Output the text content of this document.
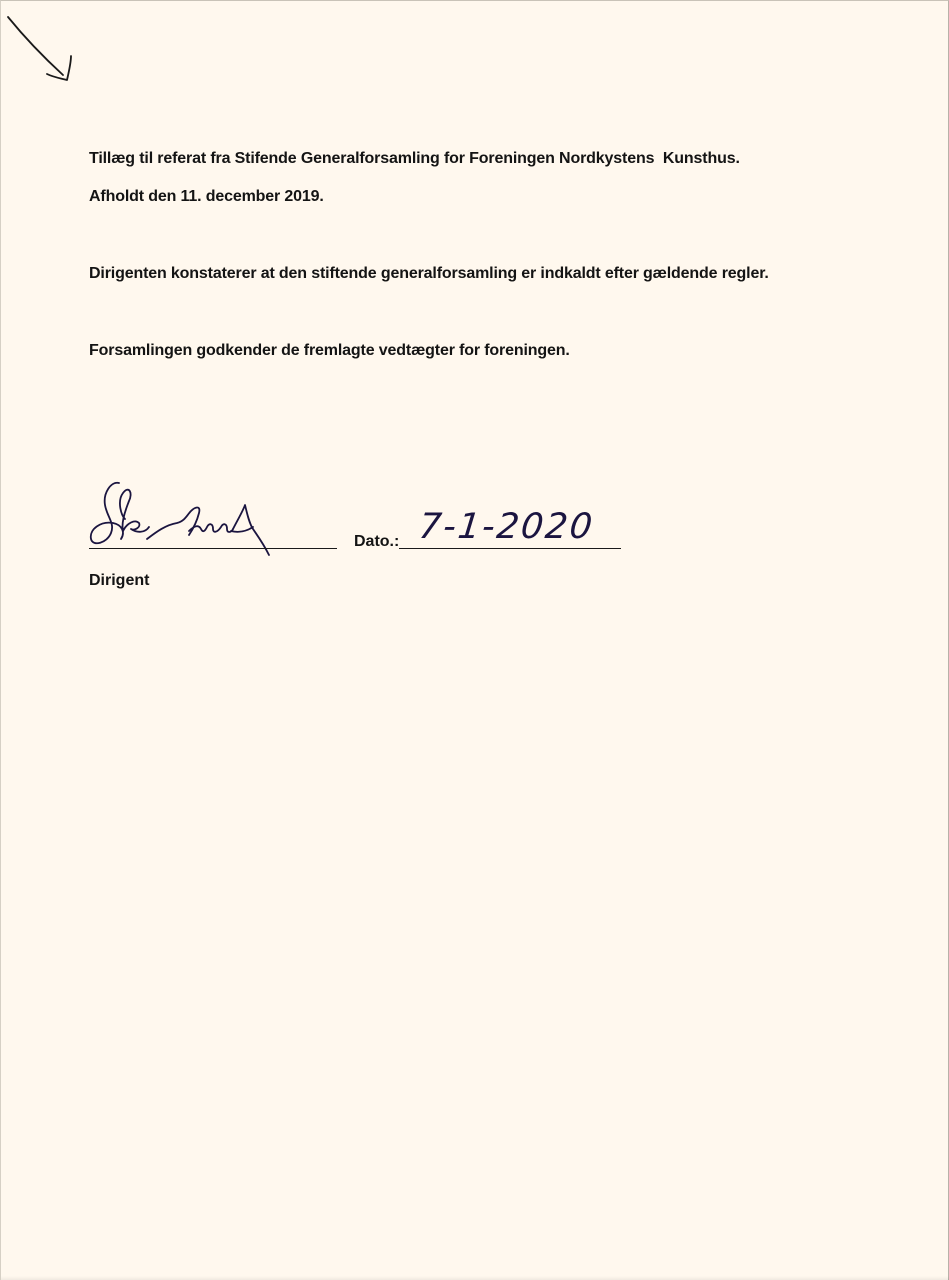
Tillæg til referat fra Stifende Generalforsamling for Foreningen Nordkystens  Kunsthus.
Afholdt den 11. december 2019.
Dirigenten konstaterer at den stiftende generalforsamling er indkaldt efter gældende regler.
Forsamlingen godkender de fremlagte vedtægter for foreningen.
Dato.: 7-1-2020
Dirigent
